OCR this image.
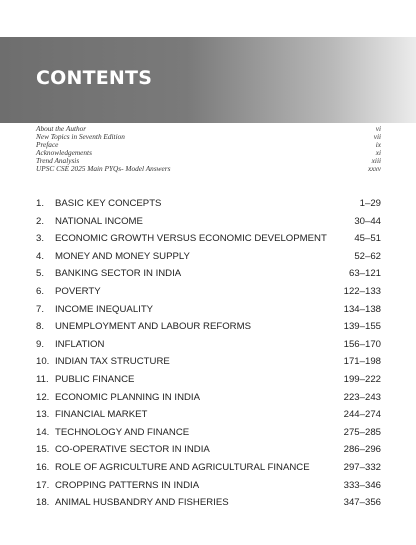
CONTENTS
About the Author	vi
New Topics in Seventh Edition	vii
Preface	ix
Acknowledgements	xi
Trend Analysis	xiii
UPSC CSE 2025 Main PYQs- Model Answers	xxxv
1.	BASIC KEY CONCEPTS	1–29
2.	NATIONAL INCOME	30–44
3.	ECONOMIC GROWTH VERSUS ECONOMIC DEVELOPMENT	45–51
4.	MONEY AND MONEY SUPPLY	52–62
5.	BANKING SECTOR IN INDIA	63–121
6.	POVERTY	122–133
7.	INCOME INEQUALITY	134–138
8.	UNEMPLOYMENT AND LABOUR REFORMS	139–155
9.	INFLATION	156–170
10. INDIAN TAX STRUCTURE	171–198
11. PUBLIC FINANCE	199–222
12. ECONOMIC PLANNING IN INDIA	223–243
13. FINANCIAL MARKET	244–274
14. TECHNOLOGY AND FINANCE	275–285
15. CO-OPERATIVE SECTOR IN INDIA	286–296
16. ROLE OF AGRICULTURE AND AGRICULTURAL FINANCE	297–332
17. CROPPING PATTERNS IN INDIA	333–346
18. ANIMAL HUSBANDRY AND FISHERIES	347–356
